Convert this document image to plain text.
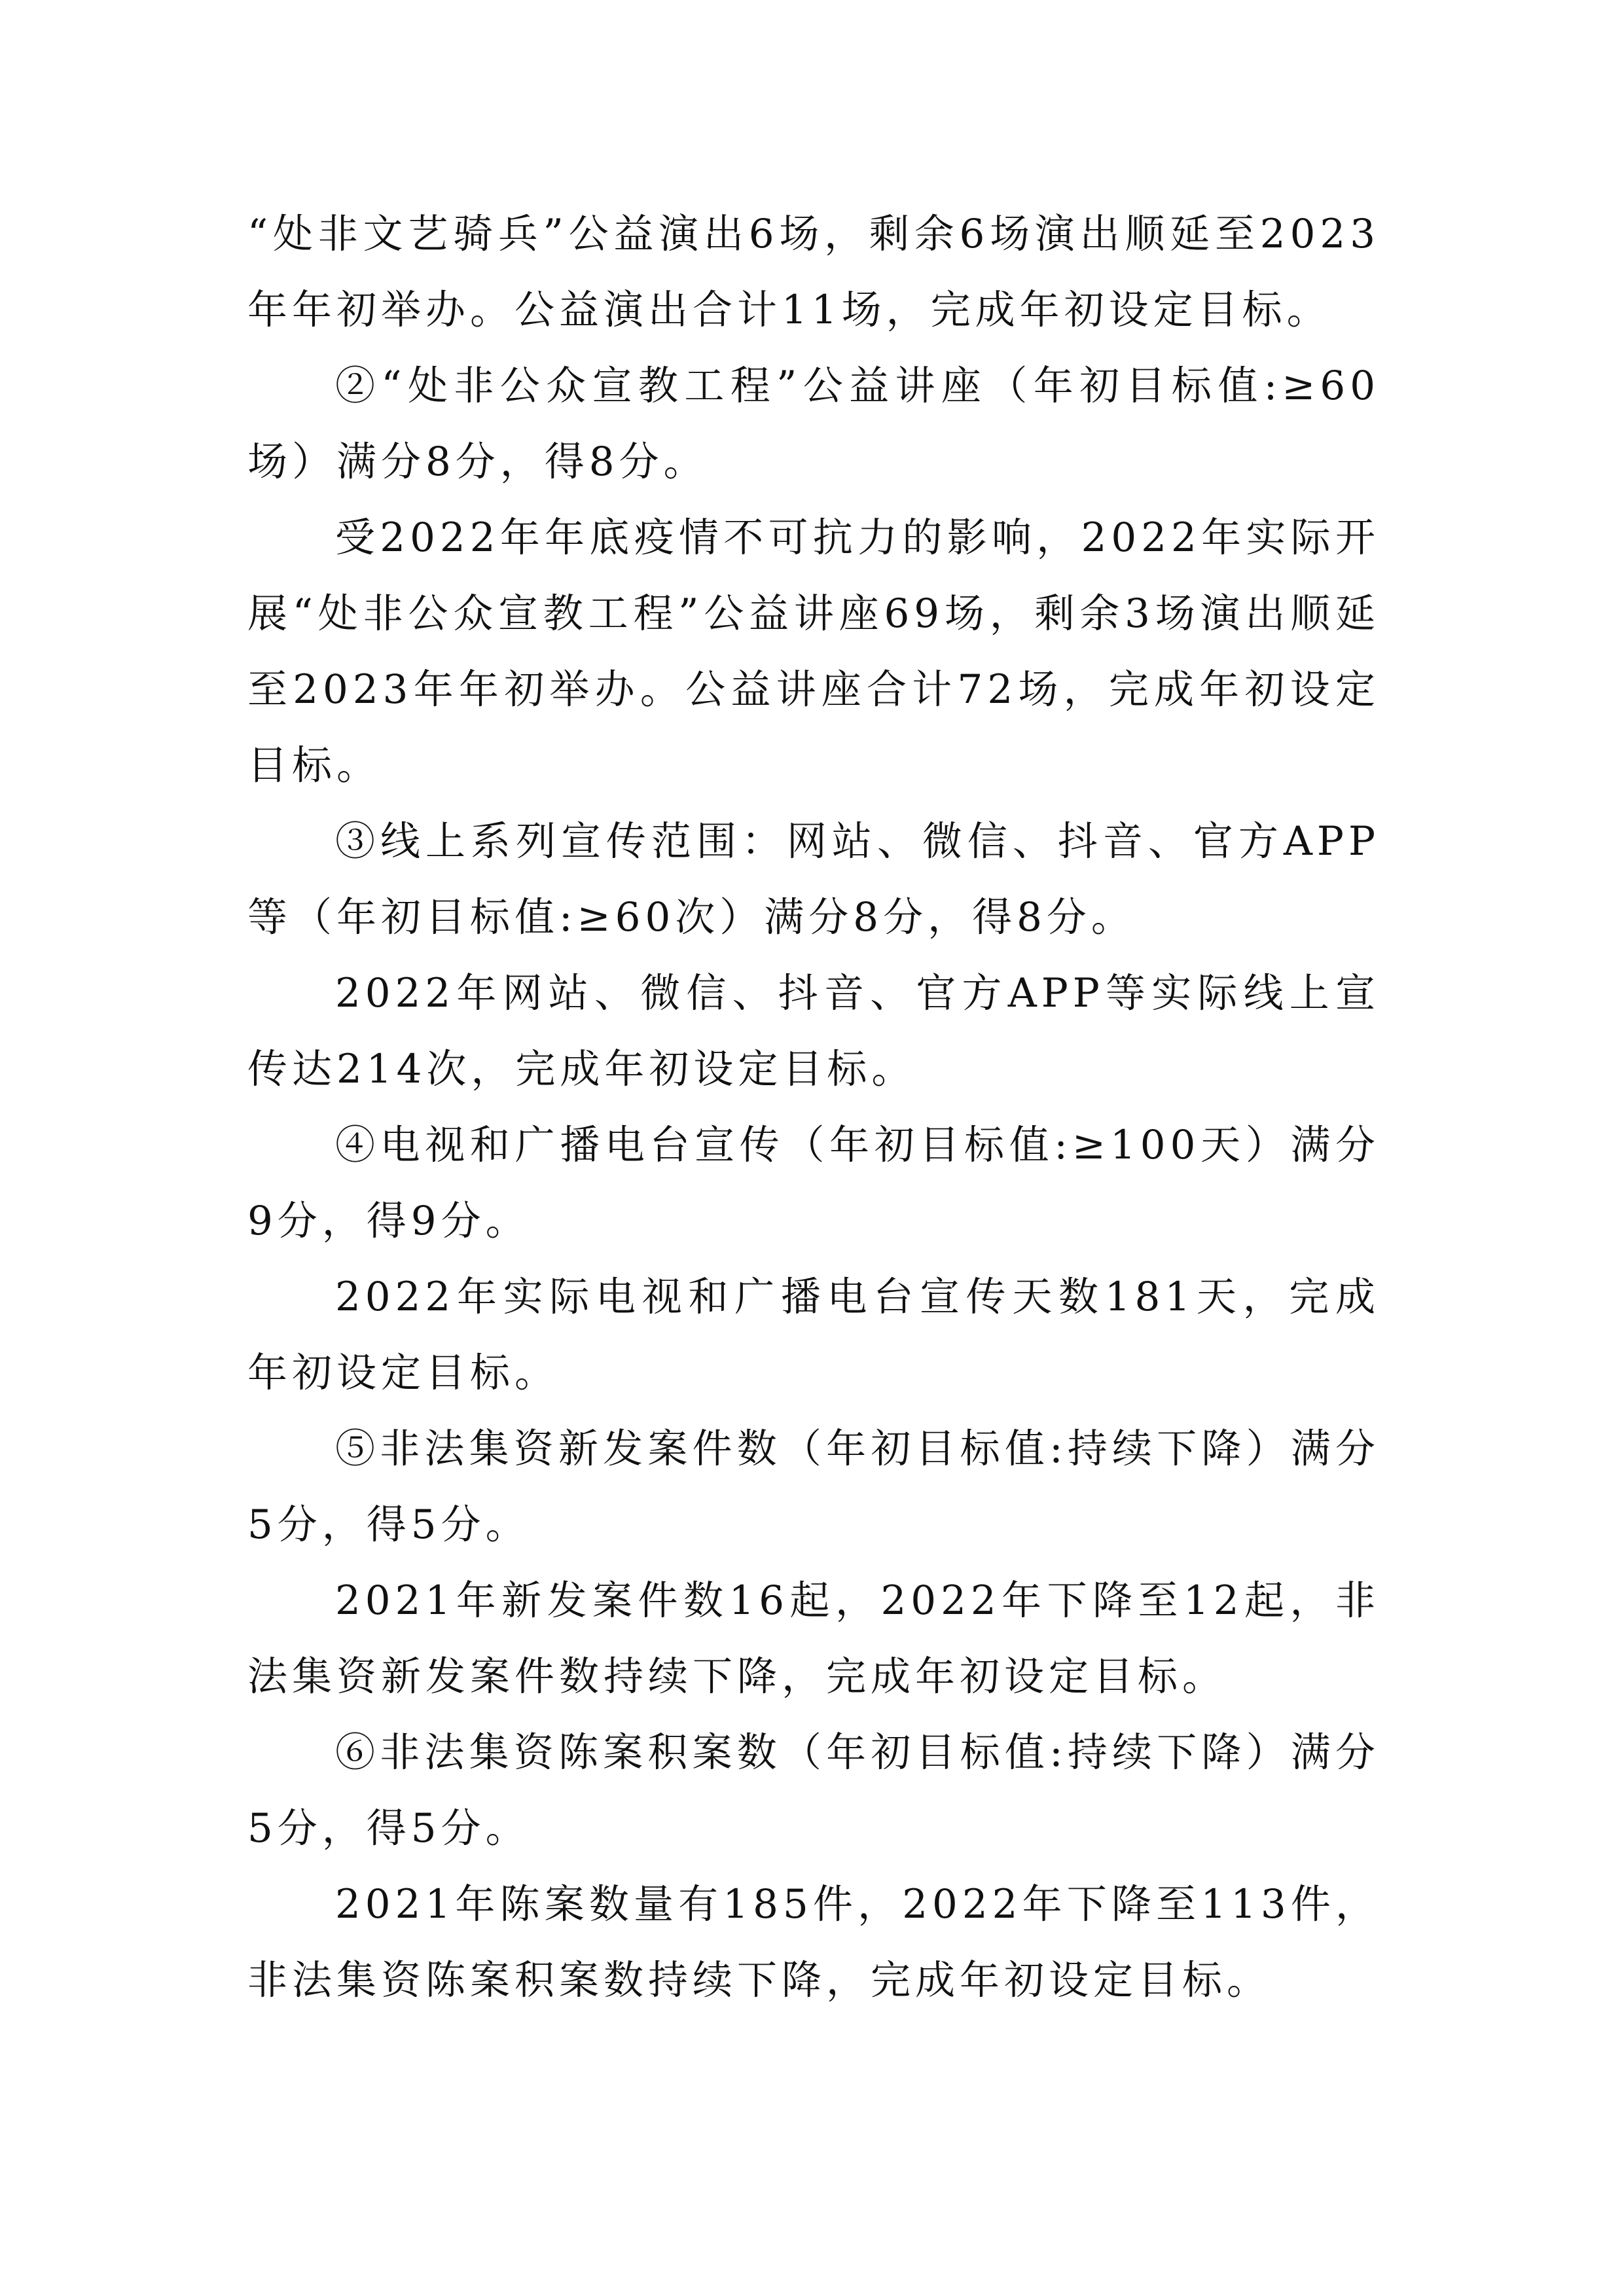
“处非文艺骑兵”公益演出6场，剩余6场演出顺延至2023年年初举办。公益演出合计11场，完成年初设定目标。

②“处非公众宣教工程”公益讲座（年初目标值:≥60场）满分8分，得8分。

受2022年年底疫情不可抗力的影响，2022年实际开展“处非公众宣教工程”公益讲座69场，剩余3场演出顺延至2023年年初举办。公益讲座合计72场，完成年初设定目标。

③线上系列宣传范围：网站、微信、抖音、官方APP等（年初目标值:≥60次）满分8分，得8分。

2022年网站、微信、抖音、官方APP等实际线上宣传达214次，完成年初设定目标。

④电视和广播电台宣传（年初目标值:≥100天）满分9分，得9分。

2022年实际电视和广播电台宣传天数181天，完成年初设定目标。

⑤非法集资新发案件数（年初目标值:持续下降）满分5分，得5分。

2021年新发案件数16起，2022年下降至12起，非法集资新发案件数持续下降，完成年初设定目标。

⑥非法集资陈案积案数（年初目标值:持续下降）满分5分，得5分。

2021年陈案数量有185件，2022年下降至113件，非法集资陈案积案数持续下降，完成年初设定目标。
